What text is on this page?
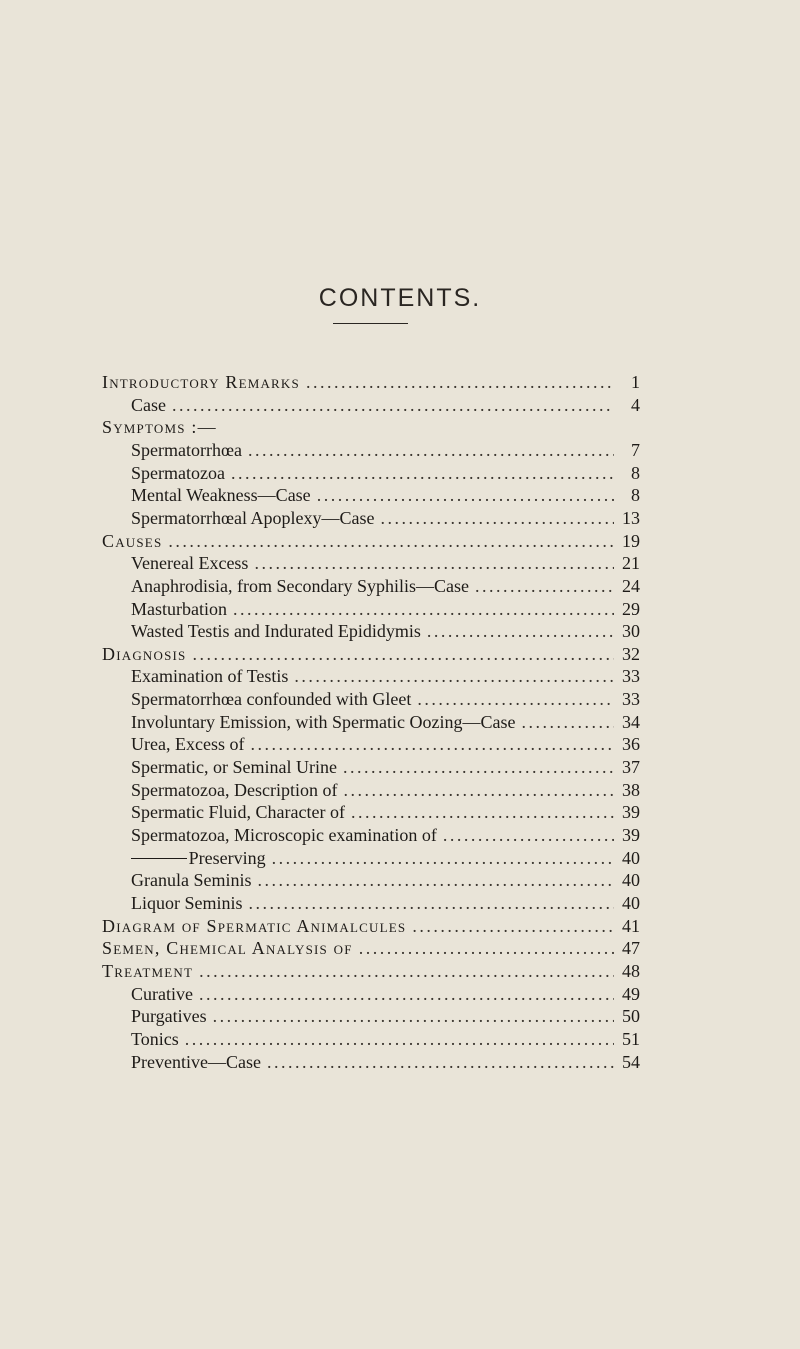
CONTENTS.
Introductory Remarks . . .	1
Case . . .	4
Symptoms :—
Spermatorrhœa . . .	7
Spermatozoa . . .	8
Mental Weakness—Case . . .	8
Spermatorrhœal Apoplexy—Case . . .	13
Causes . . .	19
Venereal Excess . . .	21
Anaphrodisia, from Secondary Syphilis—Case . . .	24
Masturbation . . .	29
Wasted Testis and Indurated Epididymis . . .	30
Diagnosis . . .	32
Examination of Testis . . .	33
Spermatorrhœa confounded with Gleet . . .	33
Involuntary Emission, with Spermatic Oozing—Case . . .	34
Urea, Excess of . . .	36
Spermatic, or Seminal Urine . . .	37
Spermatozoa, Description of . . .	38
Spermatic Fluid, Character of . . .	39
Spermatozoa, Microscopic examination of . . .	39
Preserving . . .	40
Granula Seminis . . .	40
Liquor Seminis . . .	40
Diagram of Spermatic Animalcules . . .	41
Semen, Chemical Analysis of . . .	47
Treatment . . .	48
Curative . . .	49
Purgatives . . .	50
Tonics . . .	51
Preventive—Case . . .	54
